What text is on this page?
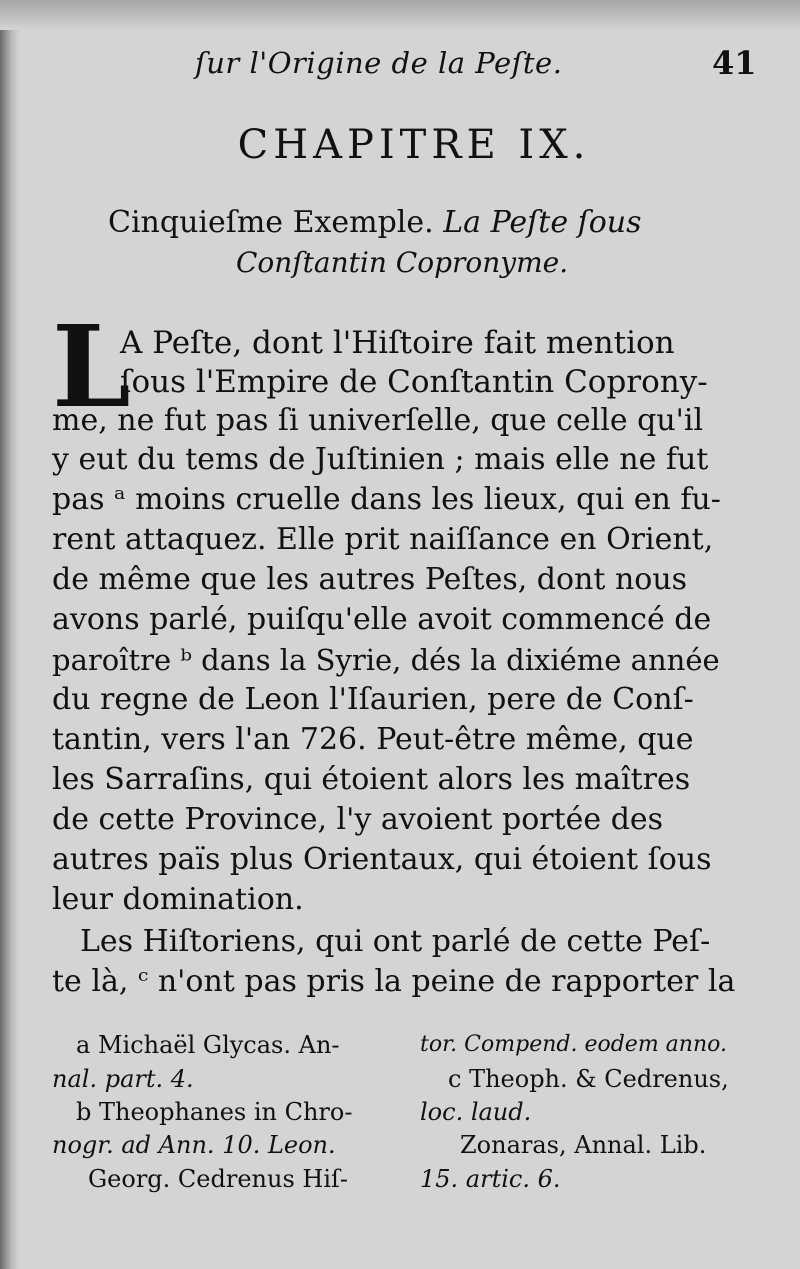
ſur l'Origine de la Peſte.	41
CHAPITRE IX.
Cinquieſme Exemple. La Peſte ſous
Conſtantin Copronyme.
L
A Peſte, dont l'Hiſtoire fait mention
ſous l'Empire de Conſtantin Coprony-
me, ne fut pas ſi univerſelle, que celle qu'il
y eut du tems de Juſtinien ; mais elle ne fut
pas ᵃ moins cruelle dans les lieux, qui en fu-
rent attaquez. Elle prit naiſſance en Orient,
de même que les autres Peſtes, dont nous
avons parlé, puiſqu'elle avoit commencé de
paroître ᵇ dans la Syrie, dés la dixiéme année
du regne de Leon l'Iſaurien, pere de Conſ-
tantin, vers l'an 726. Peut-être même, que
les Sarraſins, qui étoient alors les maîtres
de cette Province, l'y avoient portée des
autres païs plus Orientaux, qui étoient ſous
leur domination.
Les Hiſtoriens, qui ont parlé de cette Peſ-
te là, ᶜ n'ont pas pris la peine de rapporter la
a Michaël Glycas. An-
nal. part. 4.
b Theophanes in Chro-
nogr. ad Ann. 10. Leon.
Georg. Cedrenus Hiſ-
tor. Compend. eodem anno.
c Theoph. & Cedrenus,
loc. laud.
Zonaras, Annal. Lib.
15. artic. 6.
